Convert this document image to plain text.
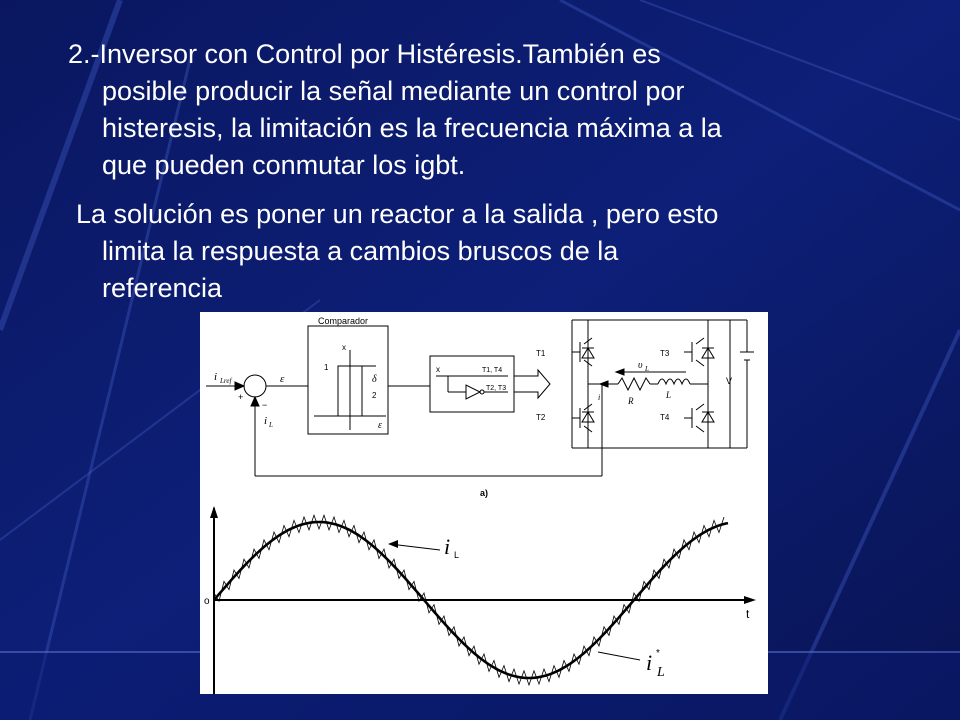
2.-Inversor con Control por Histéresis.También es
posible producir la señal mediante un control por
histeresis, la limitación es la frecuencia máxima a la
que pueden conmutar los igbt.
La solución es poner un reactor a la salida , pero esto
limita la respuesta a cambios bruscos de la
referencia
Comparador
i Lref
+
−
i L
ε
x
1
δ
2
ε
x	T1, T4
T2, T3
T1
T2
T3
T4
υ L
R
L
i
V
a)
o
t
i L
i *
L
